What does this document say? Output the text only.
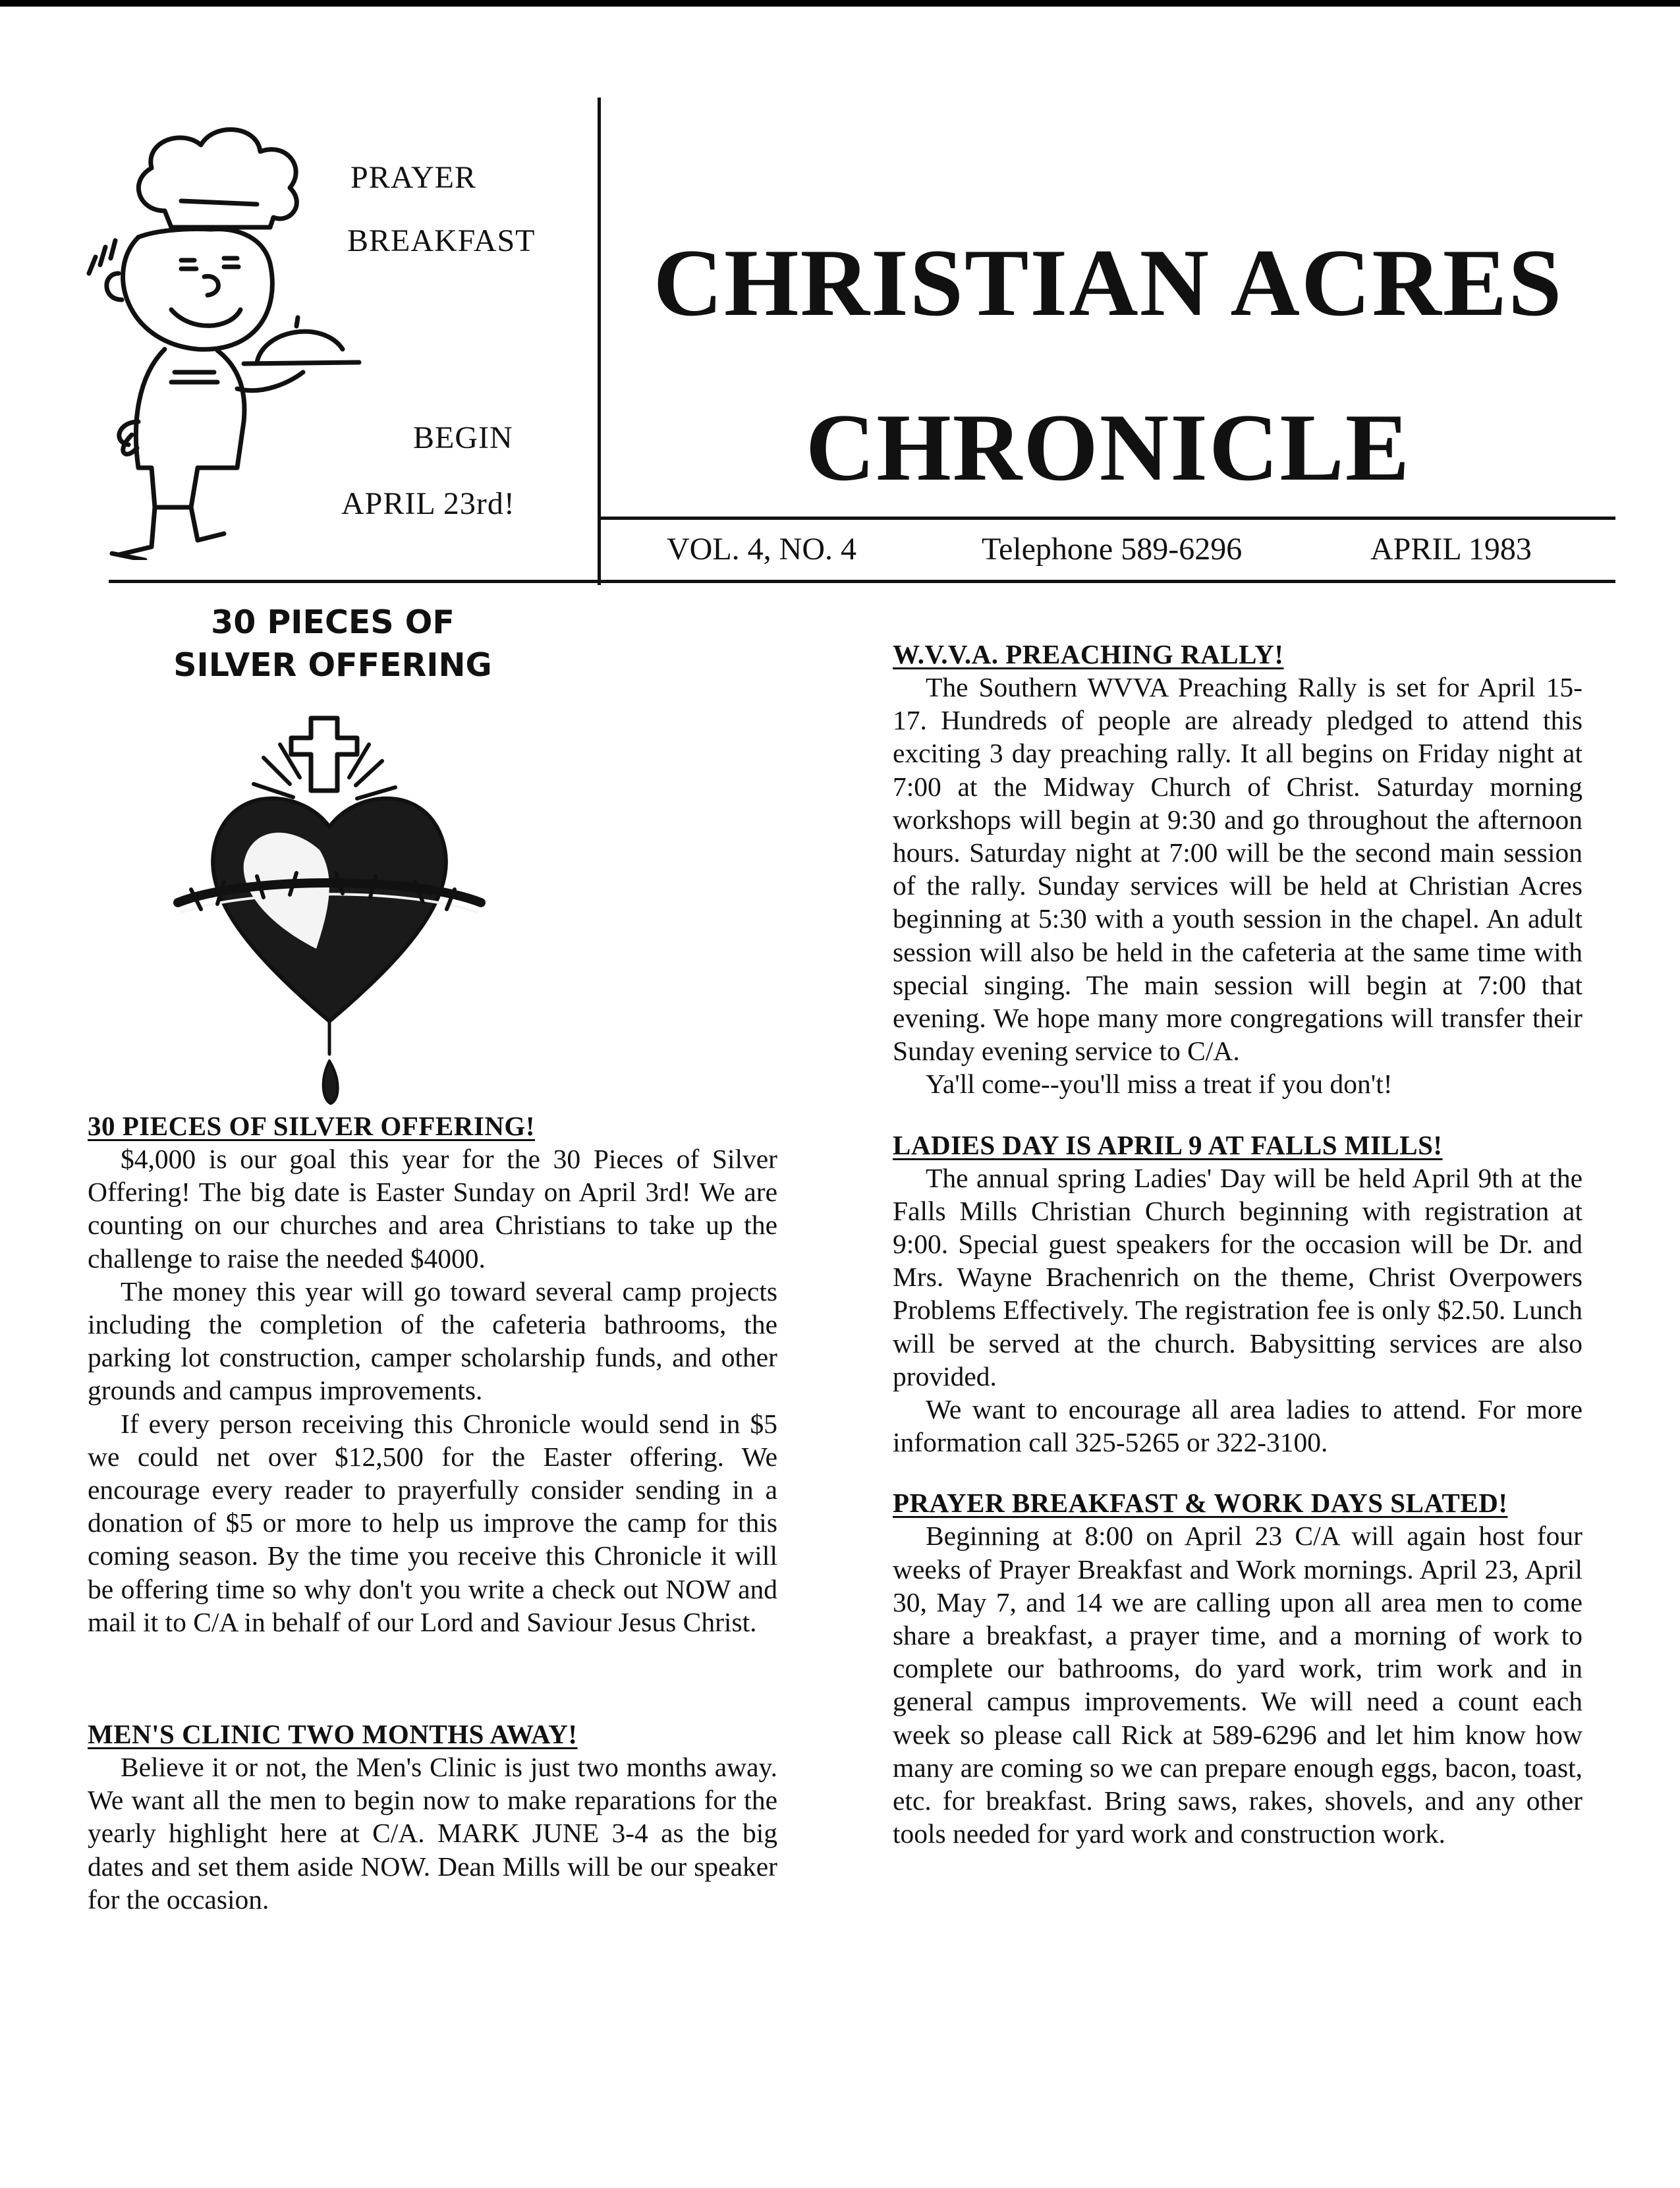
PRAYER
BREAKFAST
BEGIN
APRIL 23rd!
CHRISTIAN ACRES
CHRONICLE
VOL. 4, NO. 4	Telephone 589-6296	APRIL 1983
30 PIECES OF
SILVER OFFERING
30 PIECES OF SILVER OFFERING!

$4,000 is our goal this year for the 30 Pieces of Silver Offering! The big date is Easter Sunday on April 3rd! We are counting on our churches and area Christians to take up the challenge to raise the needed $4000.

The money this year will go toward several camp projects including the completion of the cafeteria bathrooms, the parking lot construction, camper scholarship funds, and other grounds and campus improvements.

If every person receiving this Chronicle would send in $5 we could net over $12,500 for the Easter offering. We encourage every reader to prayerfully consider sending in a donation of $5 or more to help us improve the camp for this coming season. By the time you receive this Chronicle it will be offering time so why don't you write a check out NOW and mail it to C/A in behalf of our Lord and Saviour Jesus Christ.

MEN'S CLINIC TWO MONTHS AWAY!

Believe it or not, the Men's Clinic is just two months away. We want all the men to begin now to make reparations for the yearly highlight here at C/A. MARK JUNE 3-4 as the big dates and set them aside NOW. Dean Mills will be our speaker for the occasion.

W.V.V.A. PREACHING RALLY!

The Southern WVVA Preaching Rally is set for April 15-17. Hundreds of people are already pledged to attend this exciting 3 day preaching rally. It all begins on Friday night at 7:00 at the Midway Church of Christ. Saturday morning workshops will begin at 9:30 and go throughout the afternoon hours. Saturday night at 7:00 will be the second main session of the rally. Sunday services will be held at Christian Acres beginning at 5:30 with a youth session in the chapel. An adult session will also be held in the cafeteria at the same time with special singing. The main session will begin at 7:00 that evening. We hope many more congregations will transfer their Sunday evening service to C/A.

Ya'll come--you'll miss a treat if you don't!

LADIES DAY IS APRIL 9 AT FALLS MILLS!

The annual spring Ladies' Day will be held April 9th at the Falls Mills Christian Church beginning with registration at 9:00. Special guest speakers for the occasion will be Dr. and Mrs. Wayne Brachenrich on the theme, Christ Overpowers Problems Effectively. The registration fee is only $2.50. Lunch will be served at the church. Babysitting services are also provided.

We want to encourage all area ladies to attend. For more information call 325-5265 or 322-3100.

PRAYER BREAKFAST & WORK DAYS SLATED!

Beginning at 8:00 on April 23 C/A will again host four weeks of Prayer Breakfast and Work mornings. April 23, April 30, May 7, and 14 we are calling upon all area men to come share a breakfast, a prayer time, and a morning of work to complete our bathrooms, do yard work, trim work and in general campus improvements. We will need a count each week so please call Rick at 589-6296 and let him know how many are coming so we can prepare enough eggs, bacon, toast, etc. for breakfast. Bring saws, rakes, shovels, and any other tools needed for yard work and construction work.
